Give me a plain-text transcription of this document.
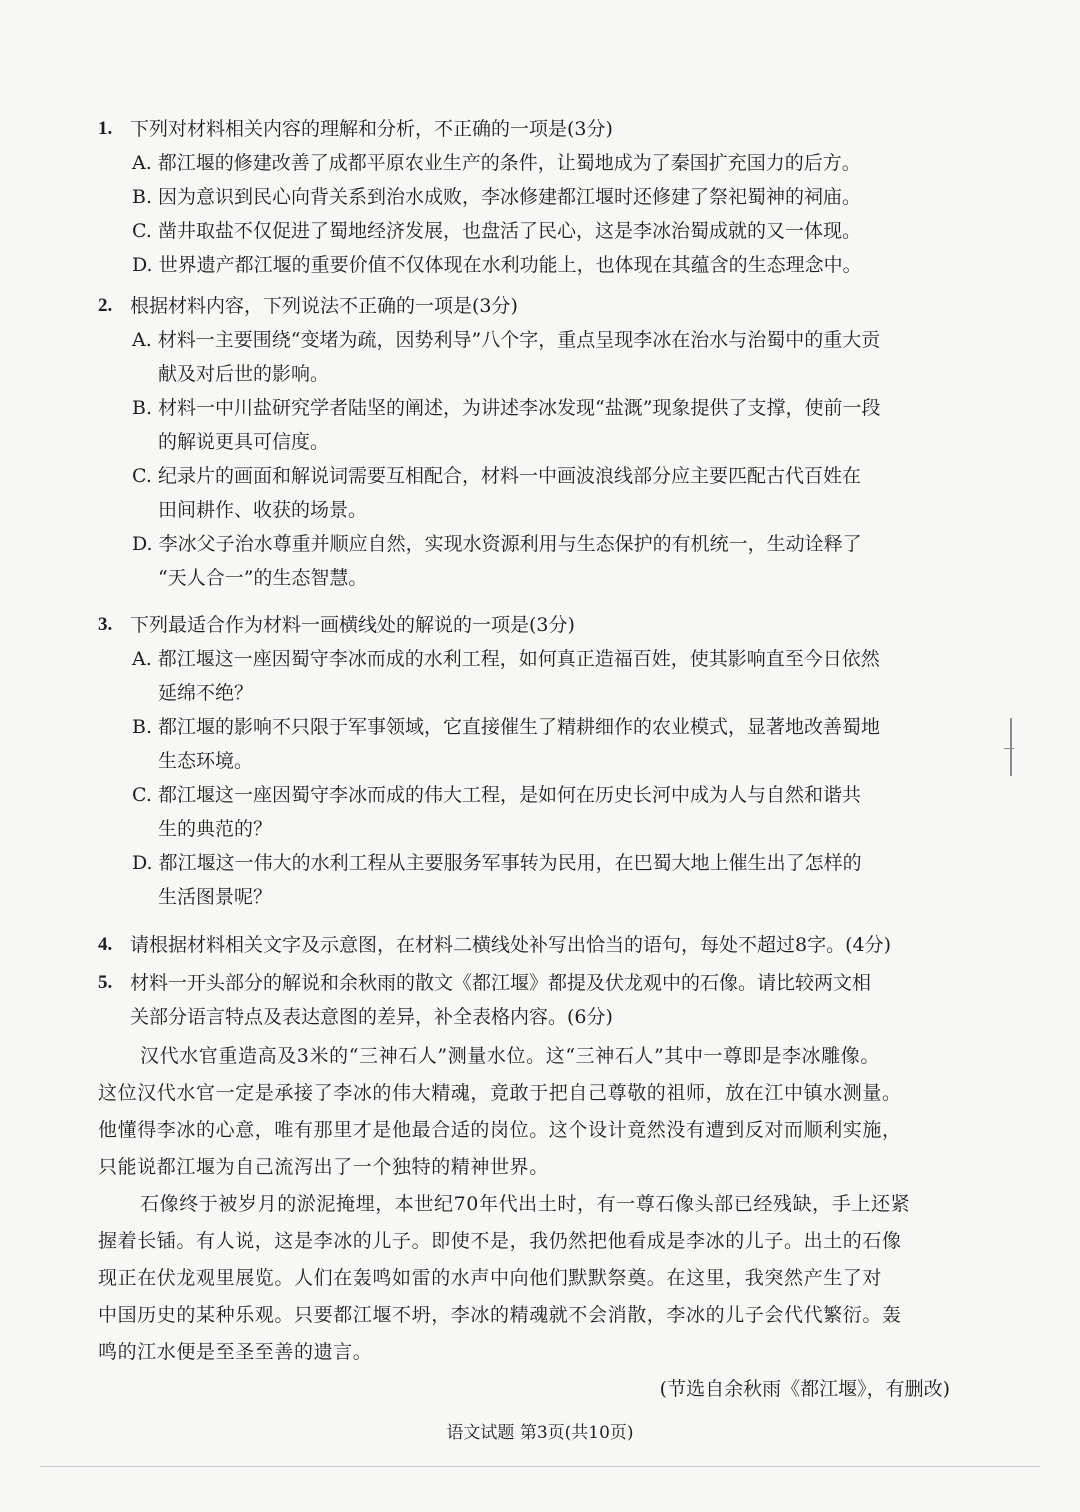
1. 下列对材料相关内容的理解和分析，不正确的一项是(3分)
A. 都江堰的修建改善了成都平原农业生产的条件，让蜀地成为了秦国扩充国力的后方。
B. 因为意识到民心向背关系到治水成败，李冰修建都江堰时还修建了祭祀蜀神的祠庙。
C. 凿井取盐不仅促进了蜀地经济发展，也盘活了民心，这是李冰治蜀成就的又一体现。
D. 世界遗产都江堰的重要价值不仅体现在水利功能上，也体现在其蕴含的生态理念中。
2. 根据材料内容，下列说法不正确的一项是(3分)
A. 材料一主要围绕“变堵为疏，因势利导”八个字，重点呈现李冰在治水与治蜀中的重大贡
献及对后世的影响。
B. 材料一中川盐研究学者陆坚的阐述，为讲述李冰发现“盐溉”现象提供了支撑，使前一段
的解说更具可信度。
C. 纪录片的画面和解说词需要互相配合，材料一中画波浪线部分应主要匹配古代百姓在
田间耕作、收获的场景。
D. 李冰父子治水尊重并顺应自然，实现水资源利用与生态保护的有机统一，生动诠释了
“天人合一”的生态智慧。
3. 下列最适合作为材料一画横线处的解说的一项是(3分)
A. 都江堰这一座因蜀守李冰而成的水利工程，如何真正造福百姓，使其影响直至今日依然
延绵不绝？
B. 都江堰的影响不只限于军事领域，它直接催生了精耕细作的农业模式，显著地改善蜀地
生态环境。
C. 都江堰这一座因蜀守李冰而成的伟大工程，是如何在历史长河中成为人与自然和谐共
生的典范的？
D. 都江堰这一伟大的水利工程从主要服务军事转为民用，在巴蜀大地上催生出了怎样的
生活图景呢？
4. 请根据材料相关文字及示意图，在材料二横线处补写出恰当的语句，每处不超过8字。(4分)
5. 材料一开头部分的解说和余秋雨的散文《都江堰》都提及伏龙观中的石像。请比较两文相
关部分语言特点及表达意图的差异，补全表格内容。(6分)

汉代水官重造高及3米的“三神石人”测量水位。这“三神石人”其中一尊即是李冰雕像。
这位汉代水官一定是承接了李冰的伟大精魂，竟敢于把自己尊敬的祖师，放在江中镇水测量。
他懂得李冰的心意，唯有那里才是他最合适的岗位。这个设计竟然没有遭到反对而顺利实施，
只能说都江堰为自己流泻出了一个独特的精神世界。

石像终于被岁月的淤泥掩埋，本世纪70年代出土时，有一尊石像头部已经残缺，手上还紧
握着长锸。有人说，这是李冰的儿子。即使不是，我仍然把他看成是李冰的儿子。出土的石像
现正在伏龙观里展览。人们在轰鸣如雷的水声中向他们默默祭奠。在这里，我突然产生了对
中国历史的某种乐观。只要都江堰不坍，李冰的精魂就不会消散，李冰的儿子会代代繁衍。轰
鸣的江水便是至圣至善的遗言。

(节选自余秋雨《都江堰》，有删改)
语文试题 第3页(共10页)
